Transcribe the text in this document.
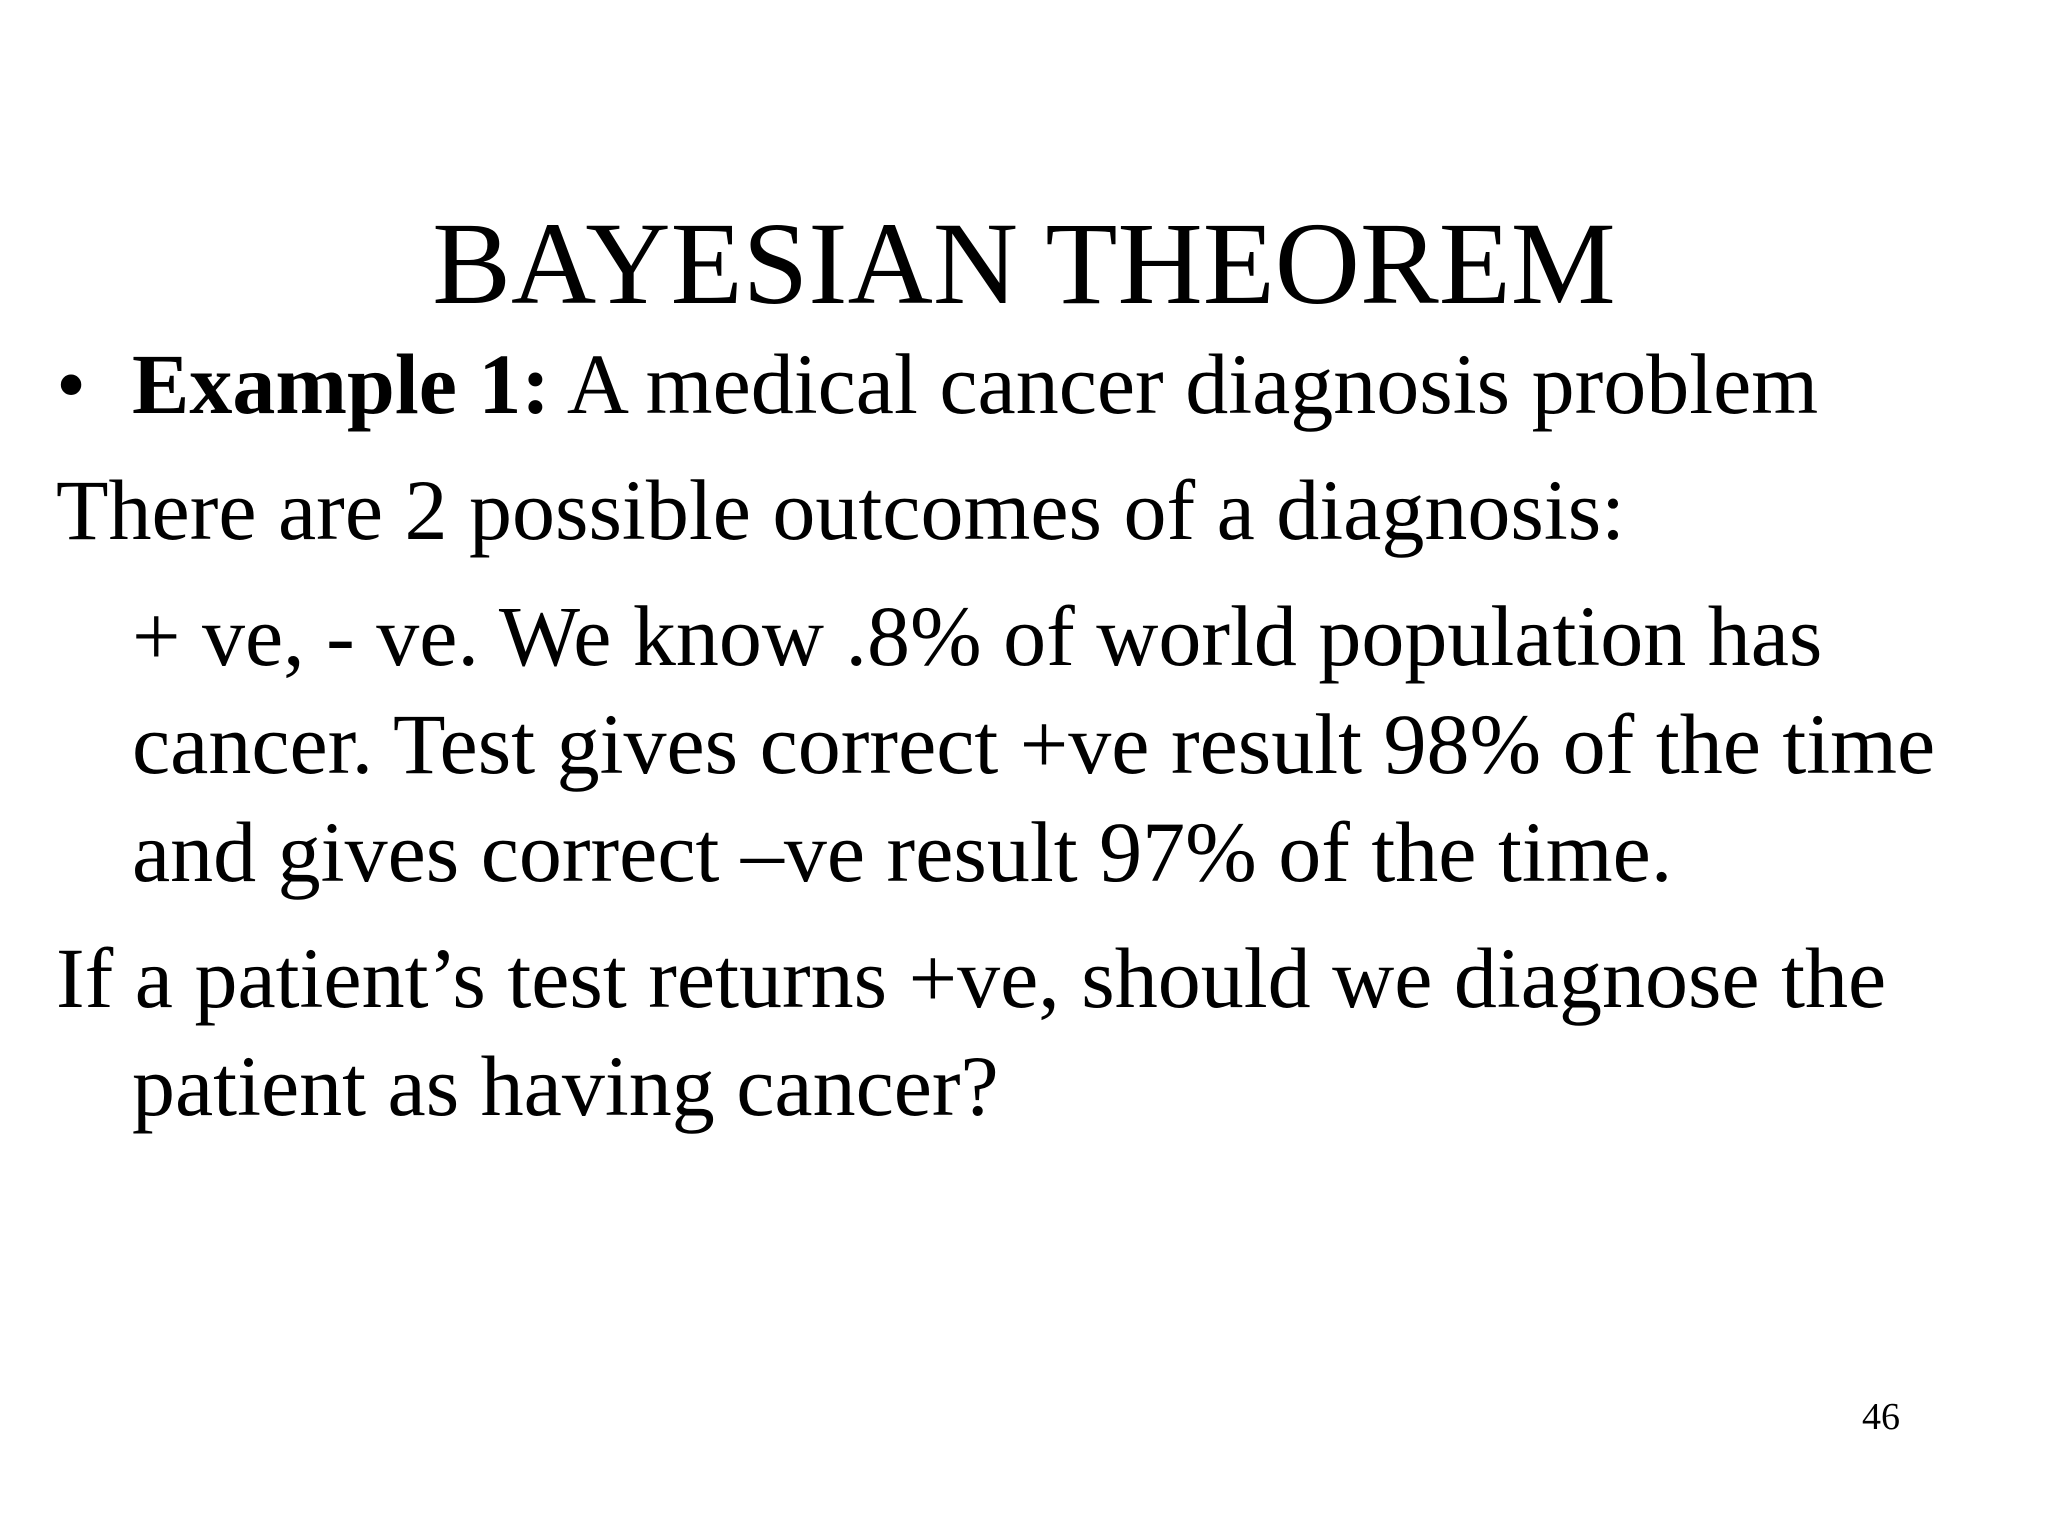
BAYESIAN THEOREM

• Example 1: A medical cancer diagnosis problem

There are 2 possible outcomes of a diagnosis:

+ ve, - ve. We know .8% of world population has cancer. Test gives correct +ve result 98% of the time and gives correct –ve result 97% of the time.

If a patient’s test returns +ve, should we diagnose the patient as having cancer?

46
